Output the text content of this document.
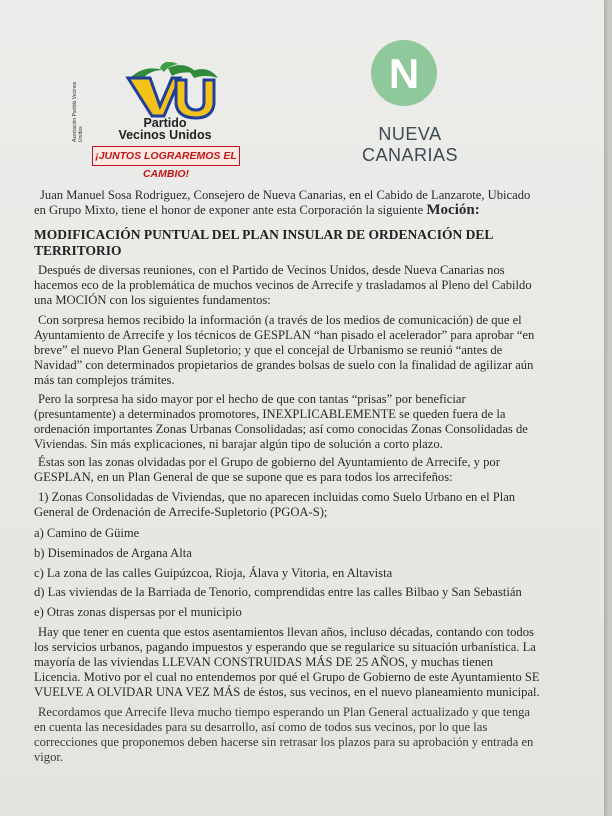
Asociación Partido Vecinos Unidos
Partido
Vecinos Unidos
¡JUNTOS LOGRAREMOS EL CAMBIO!
N
NUEVA CANARIAS

Juan Manuel Sosa Rodriguez, Consejero de Nueva Canarias, en el Cabido de Lanzarote, Ubicado

en Grupo Mixto, tiene el honor de exponer ante esta Corporación la siguiente Moción:

MODIFICACIÓN PUNTUAL DEL PLAN INSULAR DE ORDENACIÓN DEL
TERRITORIO

Después de diversas reuniones, con el Partido de Vecinos Unidos, desde Nueva Canarias nos

hacemos eco de la problemática de muchos vecinos de Arrecife y trasladamos al Pleno del Cabildo

una MOCIÓN con los siguientes fundamentos:

Con sorpresa hemos recibido la información (a través de los medios de comunicación) de que el

Ayuntamiento de Arrecife y los técnicos de GESPLAN “han pisado el acelerador” para aprobar “en

breve” el nuevo Plan General Supletorio; y que el concejal de Urbanismo se reunió “antes de

Navidad” con determinados propietarios de grandes bolsas de suelo con la finalidad de agilizar aún

más tan complejos trámites.

Pero la sorpresa ha sido mayor por el hecho de que con tantas “prisas” por beneficiar

(presuntamente) a determinados promotores, INEXPLICABLEMENTE se queden fuera de la

ordenación importantes Zonas Urbanas Consolidadas; así como conocidas Zonas Consolidadas de

Viviendas. Sin más explicaciones, ni barajar algún tipo de solución a corto plazo.

Éstas son las zonas olvidadas por el Grupo de gobierno del Ayuntamiento de Arrecife, y por

GESPLAN, en un Plan General de que se supone que es para todos los arrecifeños:

1) Zonas Consolidadas de Viviendas, que no aparecen incluidas como Suelo Urbano en el Plan

General de Ordenación de Arrecife-Supletorio (PGOA-S);

a) Camino de Güime

b) Diseminados de Argana Alta

c) La zona de las calles Guipúzcoa, Rioja, Álava y Vitoria, en Altavista

d) Las viviendas de la Barriada de Tenorio, comprendidas entre las calles Bilbao y San Sebastián

e) Otras zonas dispersas por el municipio

Hay que tener en cuenta que estos asentamientos llevan años, incluso décadas, contando con todos

los servicios urbanos, pagando impuestos y esperando que se regularice su situación urbanística. La

mayoría de las viviendas LLEVAN CONSTRUIDAS MÁS DE 25 AÑOS, y muchas tienen

Licencia. Motivo por el cual no entendemos por qué el Grupo de Gobierno de este Ayuntamiento SE

VUELVE A OLVIDAR UNA VEZ MÁS de éstos, sus vecinos, en el nuevo planeamiento municipal.

Recordamos que Arrecife lleva mucho tiempo esperando un Plan General actualizado y que tenga

en cuenta las necesidades para su desarrollo, así como de todos sus vecinos, por lo que las

correcciones que proponemos deben hacerse sin retrasar los plazos para su aprobación y entrada en

vigor.
